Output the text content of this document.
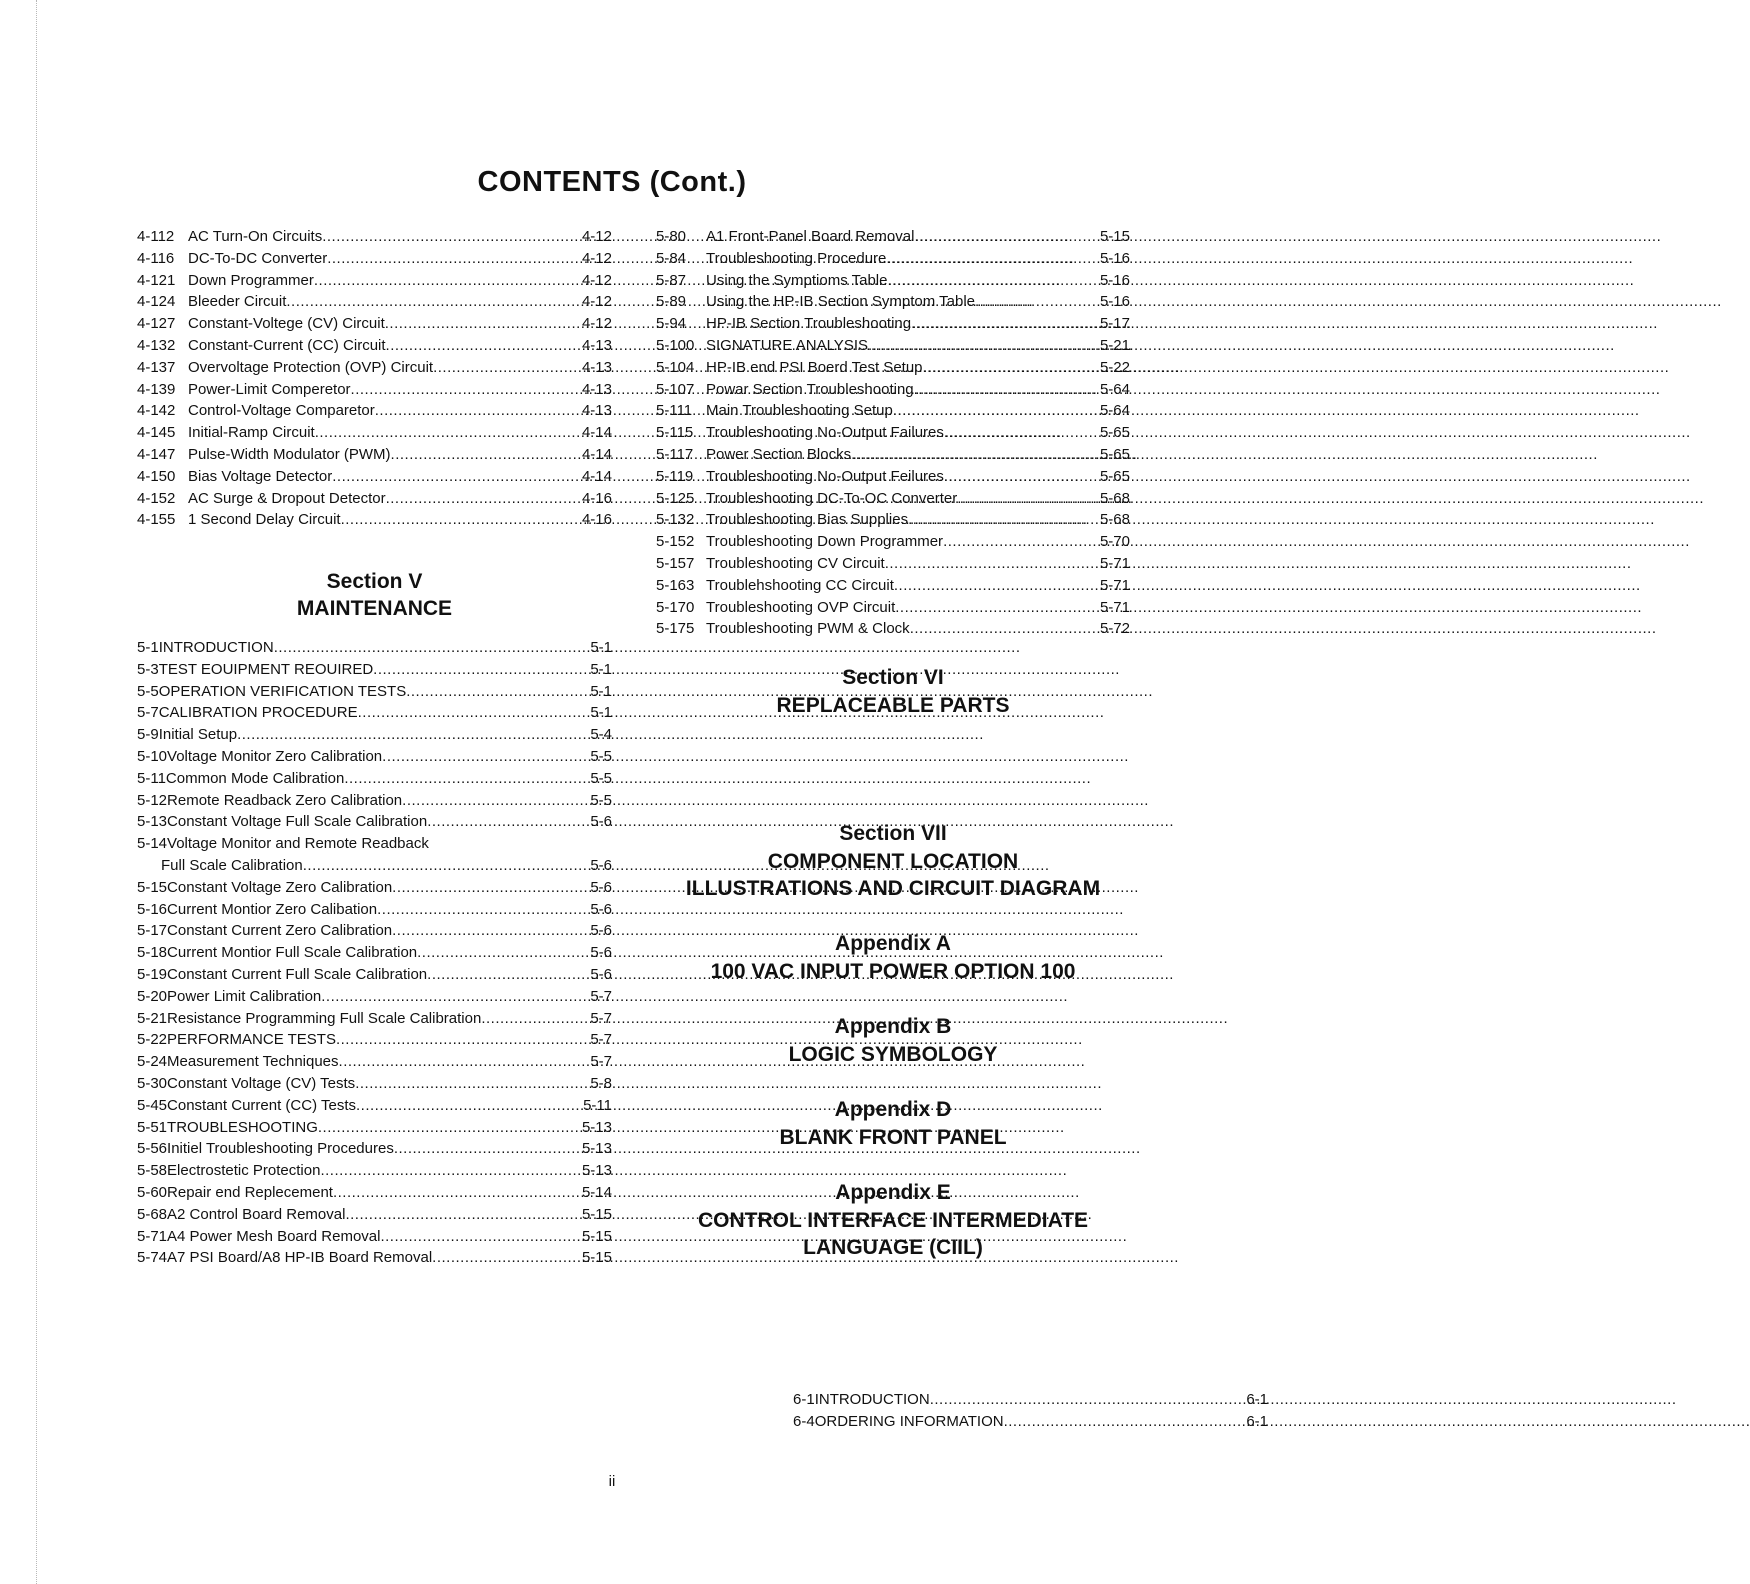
CONTENTS (Cont.)
4-112 AC Turn-On Circuits .....	4-12
4-116 DC-To-DC Converter .....	4-12
4-121 Down Programmer .....	4-12
4-124 Bleeder Circuit .....	4-12
4-127 Constant-Voltege (CV) Circuit .....	4-12
4-132 Constant-Current (CC) Circuit .....	4-13
4-137 Overvoltage Protection (OVP) Circuit .....	4-13
4-139 Power-Limit Comperetor .....	4-13
4-142 Control-Voltage Comparetor .....	4-13
4-145 Initial-Ramp Circuit .....	4-14
4-147 Pulse-Width Modulator (PWM) .....	4-14
4-150 Bias Voltage Detector .....	4-14
4-152 AC Surge & Dropout Detector .....	4-16
4-155 1 Second Delay Circuit .....	4-16

Section V

MAINTENANCE

5-1 INTRODUCTION .....	5-1
5-3 TEST EOUIPMENT REOUIRED .....	5-1
5-5 OPERATION VERIFICATION TESTS .....	5-1
5-7 CALIBRATION PROCEDURE .....	5-1
5-9 Initial Setup .....	5-4
5-10 Voltage Monitor Zero Calibration .....	5-5
5-11 Common Mode Calibration .....	5-5
5-12 Remote Readback Zero Calibration .....	5-5
5-13 Constant Voltage Full Scale Calibration .....	5-6
5-14 Voltage Monitor and Remote Readback
Full Scale Calibration .....	5-6
5-15 Constant Voltage Zero Calibration .....	5-6
5-16 Current Montior Zero Calibation .....	5-6
5-17 Constant Current Zero Calibration .....	5-6
5-18 Current Montior Full Scale Calibration .....	5-6
5-19 Constant Current Full Scale Calibration .....	5-6
5-20 Power Limit Calibration .....	5-7
5-21 Resistance Programming Full Scale Calibration .....	5-7
5-22 PERFORMANCE TESTS .....	5-7
5-24 Measurement Techniques .....	5-7
5-30 Constant Voltage (CV) Tests .....	5-8
5-45 Constant Current (CC) Tests .....	5-11
5-51 TROUBLESHOOTING .....	5-13
5-56 Initiel Troubleshooting Procedures .....	5-13
5-58 Electrostetic Protection .....	5-13
5-60 Repair end Replecement .....	5-14
5-68 A2 Control Board Removal .....	5-15
5-71 A4 Power Mesh Board Removal .....	5-15
5-74 A7 PSI Board/A8 HP-IB Board Removal .....	5-15
5-80	A1 Front-Panel Board Removal .....	5-15
5-84	Troubleshooting Procedure .....	5-16
5-87	Using the Symptioms Table .....	5-16
5-89	Using the HP-IB Section Symptom Table .....	5-16
5-94	HP-IB Section Troubleshooting .....	5-17
5-100 SIGNATURE ANALYSIS .....	5-21
5-104 HP-IB end PSI Boerd Test Setup .....	5-22
5-107 Powar Section Troubleshooting .....	5-64
5-111 Main Troubleshooting Setup .....	5-64
5-115 Troubleshooting No-Output Failures .....	5-65
5-117 Power Section Blocks .....	5-65
5-119 Troubleshooting No-Output Feilures .....	5-65
5-125 Troubleshooting DC-To-OC Converter .....	5-68
5-132 Troubleshooting Bias Supplies .....	5-68
5-152 Troubleshooting Down Programmer .....	5-70
5-157 Troubleshooting CV Circuit .....	5-71
5-163 Troublehshooting CC Circuit .....	5-71
5-170 Troubleshooting OVP Circuit .....	5-71
5-175 Troubleshooting PWM & Clock .....	5-72
Section VI
REPLACEABLE PARTS
6-1 INTRODUCTION .....	6-1
6-4 ORDERING INFORMATION .....	6-1
Section VII
COMPONENT LOCATION
ILLUSTRATIONS AND CIRCUIT DIAGRAM
Appendix A
100 VAC INPUT POWER OPTION 100
Appendix B
LOGIC SYMBOLOGY
Appendix D
BLANK FRONT PANEL
Appendix E
CONTROL INTERFACE INTERMEDIATE
LANGUAGE (CIIL)
ii
